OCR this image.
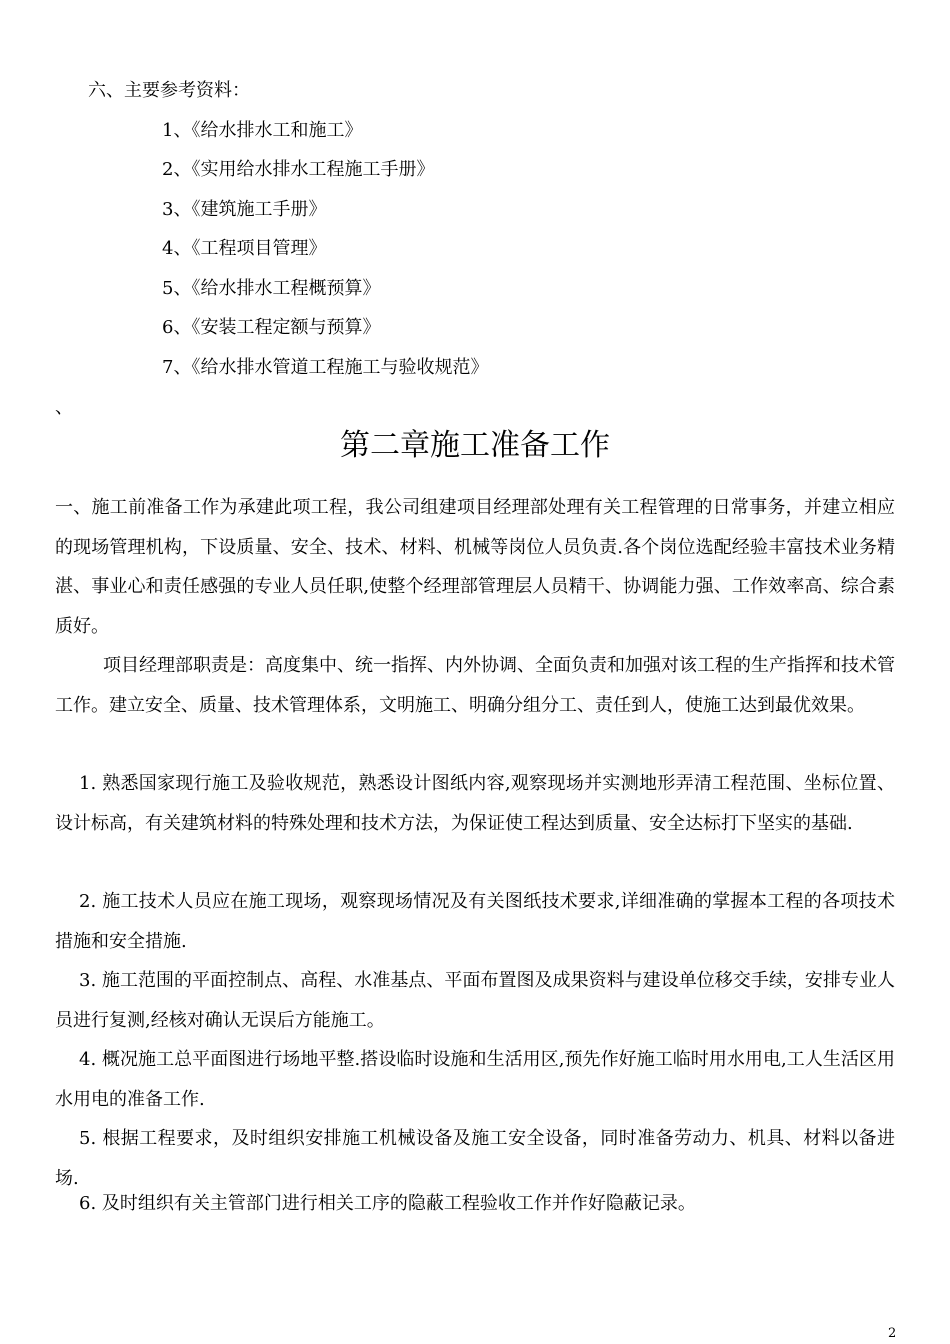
六、主要参考资料：
1、《给水排水工和施工》
2、《实用给水排水工程施工手册》
3、《建筑施工手册》
4、《工程项目管理》
5、《给水排水工程概预算》
6、《安装工程定额与预算》
7、《给水排水管道工程施工与验收规范》
、
第二章施工准备工作
一、施工前准备工作为承建此项工程，我公司组建项目经理部处理有关工程管理的日常事务，并建立相应的现场管理机构，下设质量、安全、技术、材料、机械等岗位人员负责.各个岗位选配经验丰富技术业务精湛、事业心和责任感强的专业人员任职,使整个经理部管理层人员精干、协调能力强、工作效率高、综合素质好。
项目经理部职责是：高度集中、统一指挥、内外协调、全面负责和加强对该工程的生产指挥和技术管工作。建立安全、质量、技术管理体系，文明施工、明确分组分工、责任到人，使施工达到最优效果。
1. 熟悉国家现行施工及验收规范，熟悉设计图纸内容,观察现场并实测地形弄清工程范围、坐标位置、设计标高，有关建筑材料的特殊处理和技术方法，为保证使工程达到质量、安全达标打下坚实的基础.
2. 施工技术人员应在施工现场，观察现场情况及有关图纸技术要求,详细准确的掌握本工程的各项技术措施和安全措施.
3. 施工范围的平面控制点、高程、水准基点、平面布置图及成果资料与建设单位移交手续，安排专业人员进行复测,经核对确认无误后方能施工。
4. 概况施工总平面图进行场地平整.搭设临时设施和生活用区,预先作好施工临时用水用电,工人生活区用水用电的准备工作.
5. 根据工程要求，及时组织安排施工机械设备及施工安全设备，同时准备劳动力、机具、材料以备进场.
6. 及时组织有关主管部门进行相关工序的隐蔽工程验收工作并作好隐蔽记录。
2
